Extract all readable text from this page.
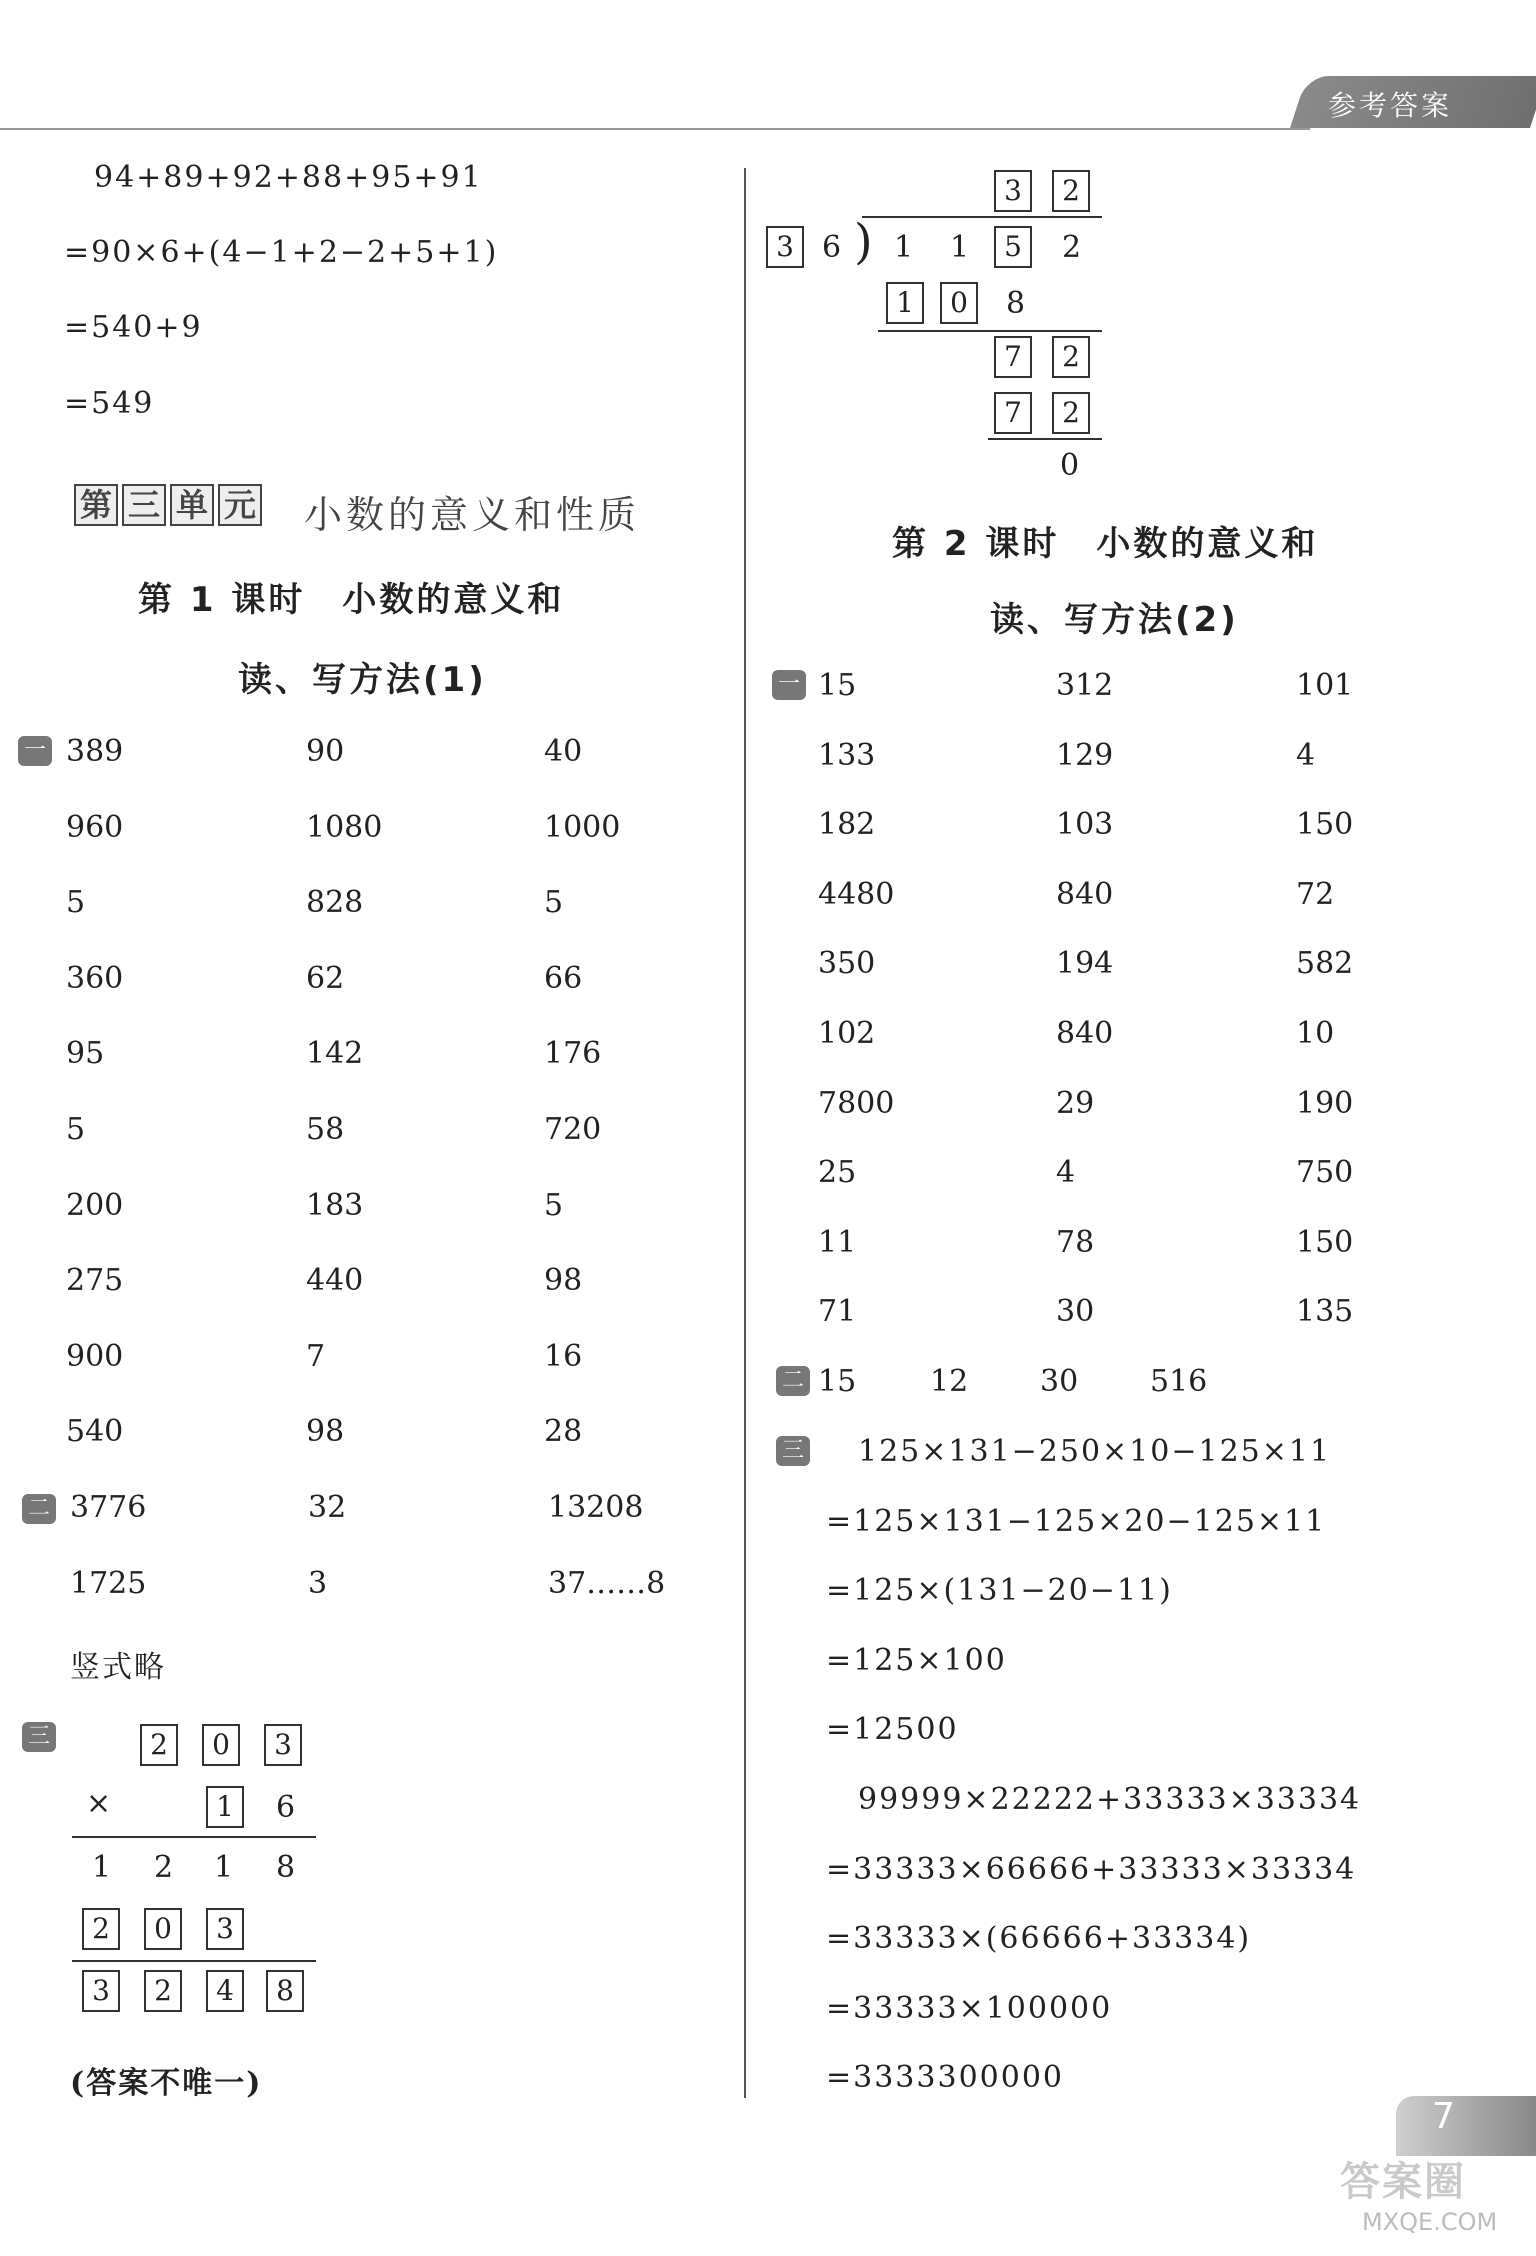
参考答案
94+89+92+88+95+91
=90×6+(4−1+2−2+5+1)
=540+9
=549
第 三 单 元 小数的意义和性质
第 1 课时　小数的意义和
读、写方法(1)
一 389	90	40
960	1080	1000
5	828	5
360	62	66
95	142	176
5	58	720
200	183	5
275	440	98
900	7	16
540	98	28
二 3776	32	13208
1725	3	37……8
竖式略
三	2	0	3
×	1	6
1 2 1 8
2	0	3
3	2	4	8
(答案不唯一)
3	2
3 6 ) 1 1	5	2
1	0	8
7	2
7	2
0
第 2 课时　小数的意义和
读、写方法(2)
一 15	312	101
133	129	4
182	103	150
4480	840	72
350	194	582
102	840	10
7800	29	190
25	4	750
11	78	150
71	30	135
二 15 12 30 516
三 125×131−250×10−125×11
=125×131−125×20−125×11
=125×(131−20−11)
=125×100
=12500
99999×22222+33333×33334
=33333×66666+33333×33334
=33333×(66666+33334)
=33333×100000
=3333300000
7
答案圈
MXQE.COM
